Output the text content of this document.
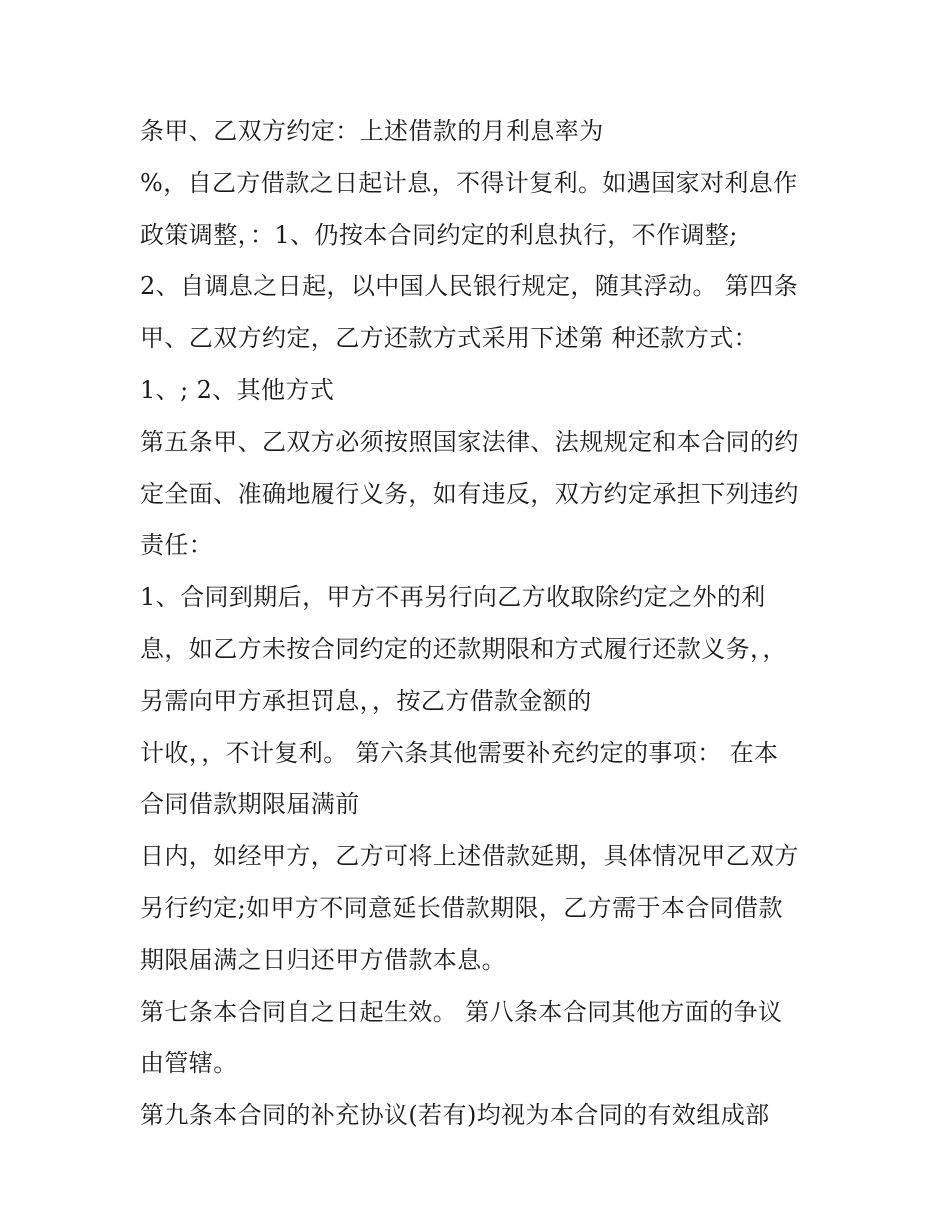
条甲、乙双方约定：上述借款的月利息率为
%，自乙方借款之日起计息，不得计复利。如遇国家对利息作
政策调整，：1、仍按本合同约定的利息执行，不作调整;
2、自调息之日起，以中国人民银行规定，随其浮动。 第四条
甲、乙双方约定，乙方还款方式采用下述第 种还款方式：
1、; 2、其他方式
第五条甲、乙双方必须按照国家法律、法规规定和本合同的约
定全面、准确地履行义务，如有违反，双方约定承担下列违约
责任：
1、合同到期后，甲方不再另行向乙方收取除约定之外的利
息，如乙方未按合同约定的还款期限和方式履行还款义务，，
另需向甲方承担罚息，，按乙方借款金额的
计收，，不计复利。 第六条其他需要补充约定的事项： 在本
合同借款期限届满前
日内，如经甲方，乙方可将上述借款延期，具体情况甲乙双方
另行约定;如甲方不同意延长借款期限，乙方需于本合同借款
期限届满之日归还甲方借款本息。
第七条本合同自之日起生效。 第八条本合同其他方面的争议
由管辖。
第九条本合同的补充协议(若有)均视为本合同的有效组成部
